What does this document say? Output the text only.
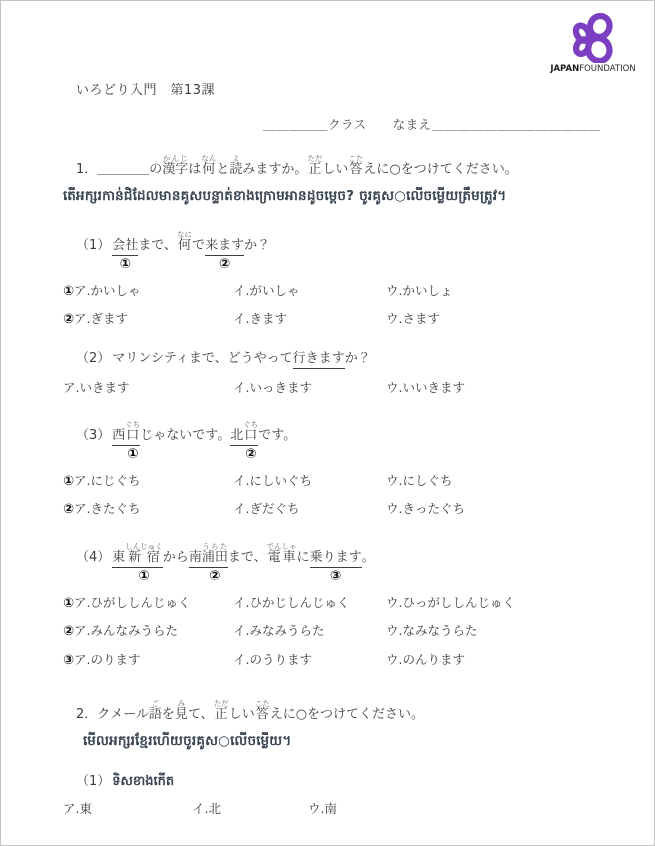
JAPANFOUNDATION
いろどり入門　第13課
＿＿＿＿＿クラス　　なまえ＿＿＿＿＿＿＿＿＿＿＿＿＿
1．＿＿＿＿の漢字かんじは何なんと読よみますか。正ただしい答こたえに○をつけてください。
តើអក្សរកាន់ជិដែលមានគូសបន្ទាត់ខាងក្រោមអានដូចម្ដេច? ចូរគូស○លើចម្លើយត្រឹមត្រូវ។
（1） 会社
①
まで、何なにで来ます
②
か？
①ア.かいしゃ	イ.がいしゃ	ウ.かいしょ
②ア.ぎます	イ.きます	ウ.さます
（2） マリンシティまで、どうやって行きますか？
ア.いきます	イ.いっきます	ウ.いいきます
（3） 西口ぐち
①
じゃないです。北口ぐち
②
です。
①ア.にじぐち	イ.にしいぐち	ウ.にしぐち
②ア.きたぐち	イ.ぎだぐち	ウ.きったぐち
（4） 東新宿しんじゅく
①
から南浦田うらた
②
まで、電車でんしゃに乗ります
③
。
①ア.ひがししんじゅく	イ.ひかじしんじゅく	ウ.ひっがししんじゅく
②ア.みんなみうらた	イ.みなみうらた	ウ.なみなうらた
③ア.のります	イ.のうります	ウ.のんります
2．クメール語ごを見みて、正ただしい答こたえに○をつけてください。
មើលអក្សរខ្មែរហើយចូរគូស○លើចម្លើយ។
（1） ទិសខាងកើត
ア.東	イ.北	ウ.南
